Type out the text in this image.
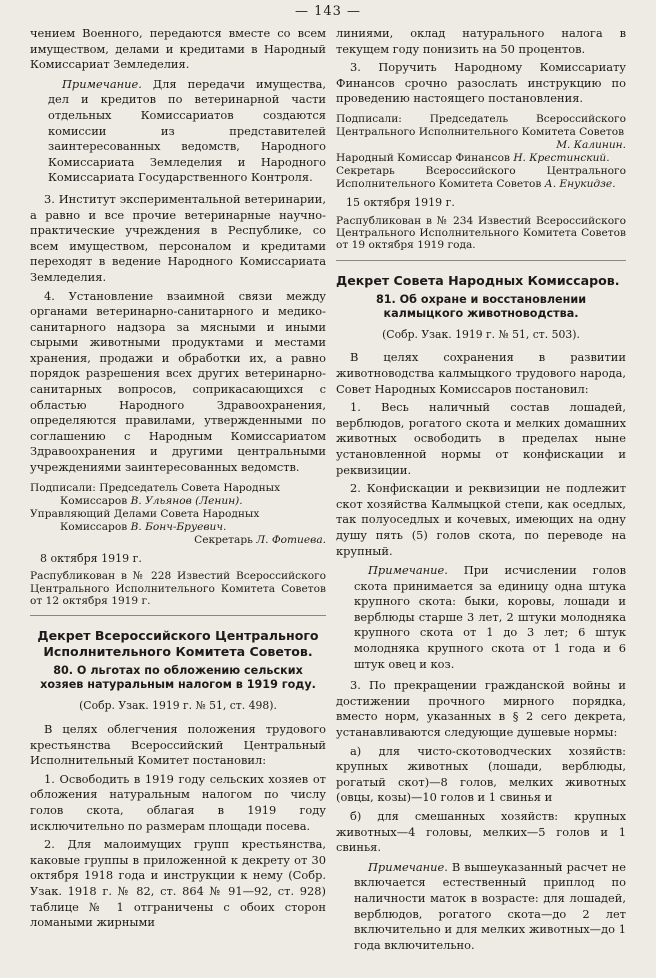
— 143 —

чением Военного, передаются вместе со всем имуществом, делами и кредитами в Народный Комиссариат Земледелия.

Примечание. Для передачи имущества, дел и кредитов по ветеринарной части отдельных Комиссариатов создаются комиссии из представителей заинтересованных ведомств, Народного Комиссариата Земледелия и Народного Комиссариата Государственного Контроля.

3. Институт экспериментальной ветеринарии, а равно и все прочие ветеринарные научно-практические учреждения в Республике, со всем имуществом, персоналом и кредитами переходят в ведение Народного Комиссариата Земледелия.

4. Установление взаимной связи между органами ветеринарно-санитарного и медико-санитарного надзора за мясными и иными сырыми животными продуктами и местами хранения, продажи и обработки их, а равно порядок разрешения всех других ветеринарно-санитарных вопросов, соприкасающихся с областью Народного Здравоохранения, определяются правилами, утвержденными по соглашению с Народным Комиссариатом Здравоохранения и другими центральными учреждениями заинтересованных ведомств.

Подписали: Председатель Совета Народных
Комиссаров В. Ульянов (Ленин).
Управляющий Делами Совета Народных
Комиссаров В. Бонч-Бруевич.
Секретарь Л. Фотиева.

8 октября 1919 г.

Распубликован в № 228 Известий Всероссийского Центрального Исполнительного Комитета Советов от 12 октября 1919 г.

Декрет Всероссийского Центрального Исполнительного Комитета Советов.
80. О льготах по обложению сельских хозяев натуральным налогом в 1919 году.

(Собр. Узак. 1919 г. № 51, ст. 498).

В целях облегчения положения трудового крестьянства Всероссийский Центральный Исполнительный Комитет постановил:

1. Освободить в 1919 году сельских хозяев от обложения натуральным налогом по числу голов скота, облагая в 1919 году исключительно по размерам площади посева.

2. Для малоимущих групп крестьянства, каковые группы в приложенной к декрету от 30 октября 1918 года и инструкции к нему (Собр. Узак. 1918 г. № 82, ст. 864 № 91—92, ст. 928) таблице № 1 отграничены с обоих сторон ломаными жирными

линиями, оклад натурального налога в текущем году понизить на 50 процентов.

3. Поручить Народному Комиссариату Финансов срочно разослать инструкцию по проведению настоящего постановления.

Подписали: Председатель Всероссийского Центрального Исполнительного Комитета Советов
М. Калинин.
Народный Комиссар Финансов Н. Крестинский.
Секретарь Всероссийского Центрального Исполнительного Комитета Советов А. Енукидзе.

15 октября 1919 г.

Распубликован в № 234 Известий Всероссийского Центрального Исполнительного Комитета Советов от 19 октября 1919 года.

Декрет Совета Народных Комиссаров.
81. Об охране и восстановлении калмыцкого животноводства.

(Собр. Узак. 1919 г. № 51, ст. 503).

В целях сохранения в развитии животноводства калмыцкого трудового народа, Совет Народных Комиссаров постановил:

1. Весь наличный состав лошадей, верблюдов, рогатого скота и мелких домашних животных освободить в пределах ныне установленной нормы от конфискации и реквизиции.

2. Конфискации и реквизиции не подлежит скот хозяйства Калмыцкой степи, как оседлых, так полуоседлых и кочевых, имеющих на одну душу пять (5) голов скота, по переводе на крупный.

Примечание. При исчислении голов скота принимается за единицу одна штука крупного скота: быки, коровы, лошади и верблюды старше 3 лет, 2 штуки молодняка крупного скота от 1 до 3 лет; 6 штук молодняка крупного скота от 1 года и 6 штук овец и коз.

3. По прекращении гражданской войны и достижении прочного мирного порядка, вместо норм, указанных в § 2 сего декрета, устанавливаются следующие душевые нормы:

а) для чисто-скотоводческих хозяйств: крупных животных (лошади, верблюды, рогатый скот)—8 голов, мелких животных (овцы, козы)—10 голов и 1 свинья и

б) для смешанных хозяйств: крупных животных—4 головы, мелких—5 голов и 1 свинья.

Примечание. В вышеуказанный расчет не включается естественный приплод по наличности маток в возрасте: для лошадей, верблюдов, рогатого скота—до 2 лет включительно и для мелких животных—до 1 года включительно.
